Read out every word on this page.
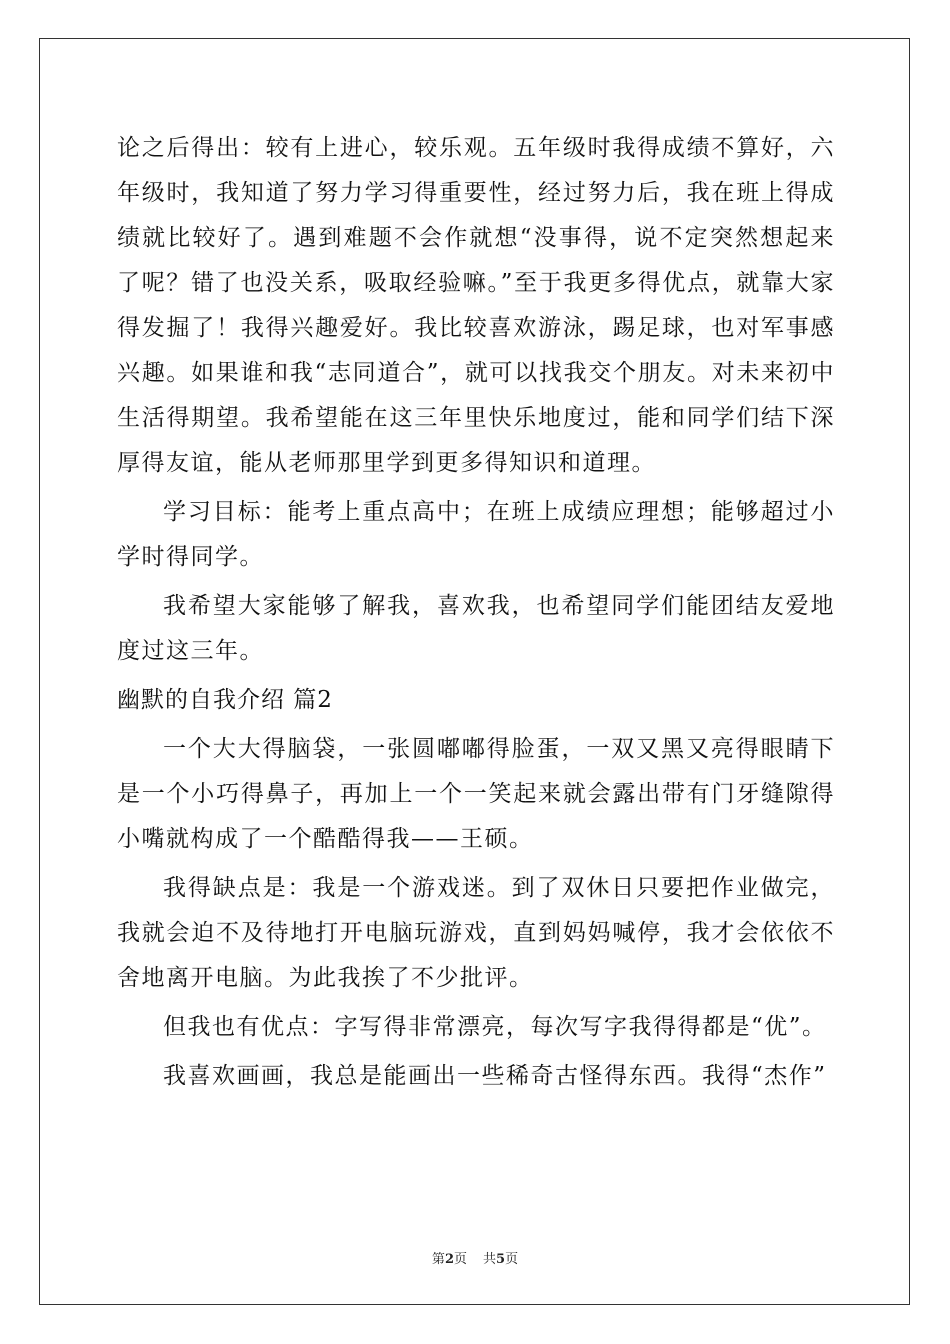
论之后得出：较有上进心，较乐观。五年级时我得成绩不算好，六年级时，我知道了努力学习得重要性，经过努力后，我在班上得成绩就比较好了。遇到难题不会作就想“没事得，说不定突然想起来了呢？错了也没关系，吸取经验嘛。”至于我更多得优点，就靠大家得发掘了！我得兴趣爱好。我比较喜欢游泳，踢足球，也对军事感兴趣。如果谁和我“志同道合”，就可以找我交个朋友。对未来初中生活得期望。我希望能在这三年里快乐地度过，能和同学们结下深厚得友谊，能从老师那里学到更多得知识和道理。

学习目标：能考上重点高中；在班上成绩应理想；能够超过小学时得同学。

我希望大家能够了解我，喜欢我，也希望同学们能团结友爱地度过这三年。

幽默的自我介绍 篇2

一个大大得脑袋，一张圆嘟嘟得脸蛋，一双又黑又亮得眼睛下是一个小巧得鼻子，再加上一个一笑起来就会露出带有门牙缝隙得小嘴就构成了一个酷酷得我——王硕。

我得缺点是：我是一个游戏迷。到了双休日只要把作业做完，我就会迫不及待地打开电脑玩游戏，直到妈妈喊停，我才会依依不舍地离开电脑。为此我挨了不少批评。

但我也有优点：字写得非常漂亮，每次写字我得得都是“优”。

我喜欢画画，我总是能画出一些稀奇古怪得东西。我得“杰作”

第2页 共5页
